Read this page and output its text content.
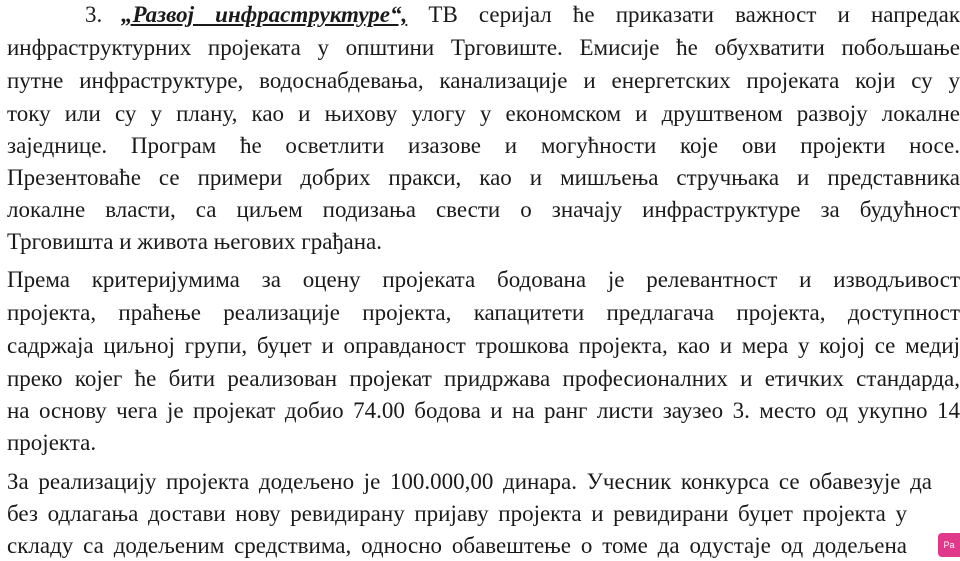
3. „Развој инфраструктуре“, ТВ серијал ће приказати важност и напредак
инфраструктурних пројеката у општини Трговиште. Емисије ће обухватити побољшање
путне инфраструктуре, водоснабдевања, канализације и енергетских пројеката који су у
току или су у плану, као и њихову улогу у економском и друштвеном развоју локалне
заједнице. Програм ће осветлити изазове и могућности које ови пројекти носе.
Презентоваће се примери добрих пракси, као и мишљења стручњака и представника
локалне власти, са циљем подизања свести о значају инфраструктуре за будућност
Трговишта и живота његових грађана.
Према критеријумима за оцену пројеката бодована је релевантност и изводљивост
пројекта, праћење реализације пројекта, капацитети предлагача пројекта, доступност
садржаја циљној групи, буџет и оправданост трошкова пројекта, као и мера у којој се медиј
преко којег ће бити реализован пројекат придржава професионалних и етичких стандарда,
на основу чега је пројекат добио 74.00 бодова и на ранг листи заузео 3. место од укупно 14
пројекта.
За реализацију пројекта додељено је 100.000,00 динара. Учесник конкурса се обавезује да
без одлагања достави нову ревидирану пријаву пројекта и ревидирани буџет пројекта у
складу са додељеним средствима, односно обавештење о томе да одустаје од додељена	Pa
